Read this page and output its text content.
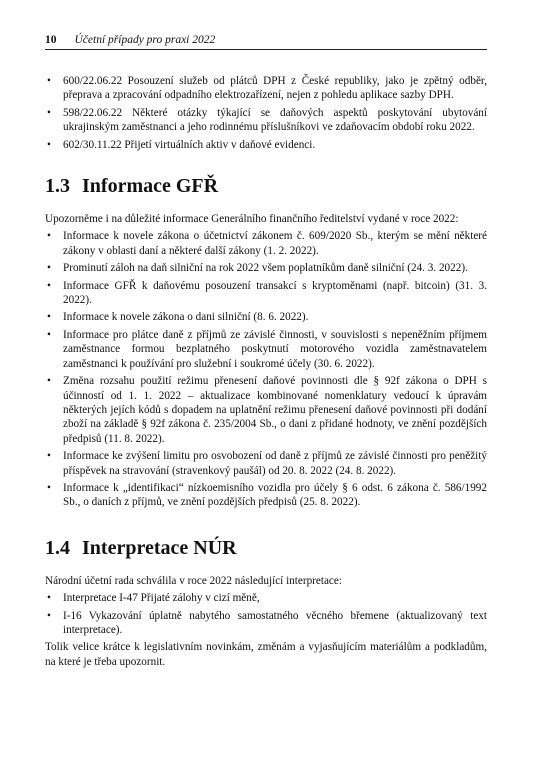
10 Účetní případy pro praxi 2022
• 600/22.06.22 Posouzení služeb od plátců DPH z České republiky, jako je zpětný odběr, přeprava a zpracování odpadního elektrozařízení, nejen z pohledu aplikace sazby DPH.
• 598/22.06.22 Některé otázky týkající se daňových aspektů poskytování ubytování ukrajinským zaměstnanci a jeho rodinnému příslušníkovi ve zdaňovacím období roku 2022.
• 602/30.11.22 Přijetí virtuálních aktiv v daňové evidenci.
1.3 Informace GFŘ

Upozorněme i na důležité informace Generálního finančního ředitelství vydané v roce 2022:

• Informace k novele zákona o účetnictví zákonem č. 609/2020 Sb., kterým se mění některé zákony v oblasti daní a některé další zákony (1. 2. 2022).
• Prominutí záloh na daň silniční na rok 2022 všem poplatníkům daně silniční (24. 3. 2022).
• Informace GFŘ k daňovému posouzení transakcí s kryptoměnami (např. bitcoin) (31. 3. 2022).
• Informace k novele zákona o dani silniční (8. 6. 2022).
• Informace pro plátce daně z příjmů ze závislé činnosti, v souvislosti s nepeněžním příjmem zaměstnance formou bezplatného poskytnutí motorového vozidla zaměstnavatelem zaměstnanci k používání pro služební i soukromé účely (30. 6. 2022).
• Změna rozsahu použití režimu přenesení daňové povinnosti dle § 92f zákona o DPH s účinností od 1. 1. 2022 – aktualizace kombinované nomenklatury vedoucí k úpravám některých jejích kódů s dopadem na uplatnění režimu přenesení daňové povinnosti při dodání zboží na základě § 92f zákona č. 235/2004 Sb., o dani z přidané hodnoty, ve znění pozdějších předpisů (11. 8. 2022).
• Informace ke zvýšení limitu pro osvobození od daně z příjmů ze závislé činnosti pro peněžitý příspěvek na stravování (stravenkový paušál) od 20. 8. 2022 (24. 8. 2022).
• Informace k „identifikaci“ nízkoemisního vozidla pro účely § 6 odst. 6 zákona č. 586/1992 Sb., o daních z příjmů, ve znění pozdějších předpisů (25. 8. 2022).
1.4 Interpretace NÚR

Národní účetní rada schválila v roce 2022 následující interpretace:

• Interpretace I-47 Přijaté zálohy v cizí měně,
• I-16 Vykazování úplatně nabytého samostatného věcného břemene (aktualizovaný text interpretace).

Tolik velice krátce k legislativním novinkám, změnám a vyjasňujícím materiálům a podkladům, na které je třeba upozornit.
